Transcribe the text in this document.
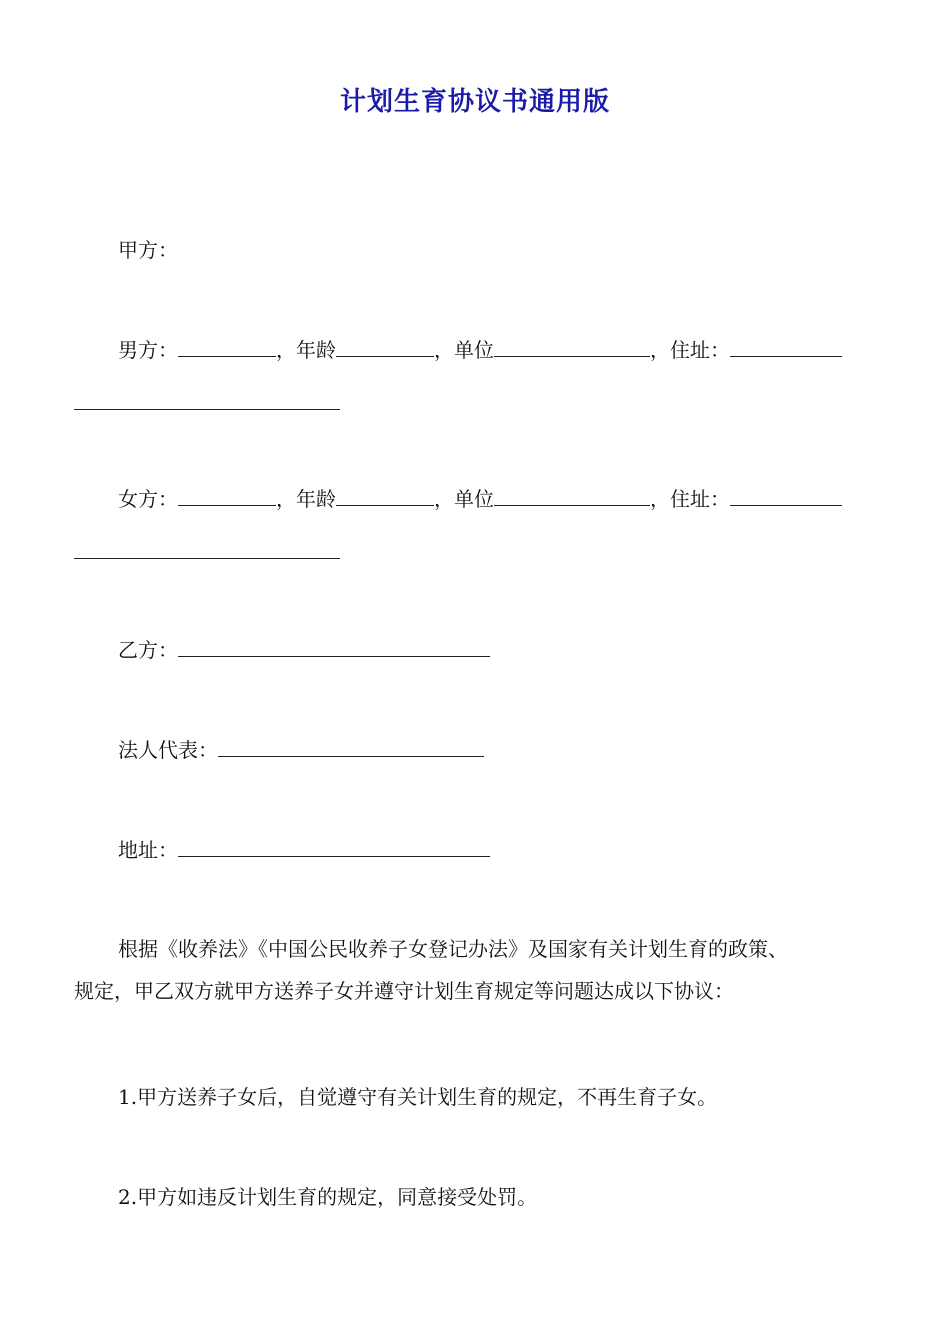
计划生育协议书通用版
甲方：
男方：	，年龄	，单位	，住址：
女方：	，年龄	，单位	，住址：
乙方：
法人代表：
地址：
根据《收养法》《中国公民收养子女登记办法》及国家有关计划生育的政策、
规定，甲乙双方就甲方送养子女并遵守计划生育规定等问题达成以下协议：
1.甲方送养子女后，自觉遵守有关计划生育的规定，不再生育子女。
2.甲方如违反计划生育的规定，同意接受处罚。
